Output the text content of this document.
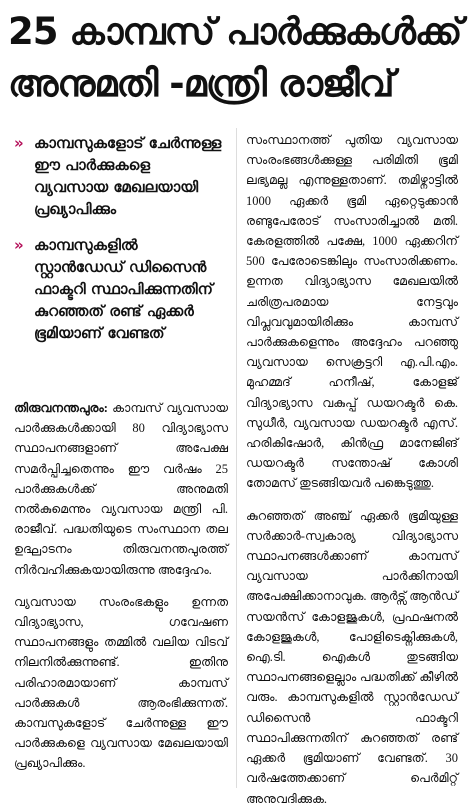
25 കാമ്പസ് പാർക്കുകൾക്ക്
അനുമതി -മന്ത്രി രാജീവ്
» കാമ്പസുകളോട് ചേർന്നുള്ള ഈ പാർക്കുകളെ വ്യവസായ മേഖലയായി പ്രഖ്യാപിക്കും
» കാമ്പസുകളിൽ സ്റ്റാൻഡേഡ് ഡിസൈൻ ഫാക്ടറി സ്ഥാപിക്കുന്നതിന് കുറഞ്ഞത് രണ്ട് ഏക്കർ ഭൂമിയാണ് വേണ്ടത്

തിരുവനന്തപുരം: കാമ്പസ് വ്യവസായ പാർക്കുകൾക്കായി 80 വിദ്യാഭ്യാസ സ്ഥാപനങ്ങളാണ് അപേക്ഷ സമർപ്പിച്ചതെന്നും ഈ വർഷം 25 പാർക്കുകൾക്ക് അനുമതി നൽകുമെന്നും വ്യവസായ മന്ത്രി പി. രാജീവ്. പദ്ധതിയുടെ സംസ്ഥാന തല ഉദ്ഘാടനം തിരുവനന്തപുരത്ത് നിർവഹിക്കുകയായിരുന്നു അദ്ദേഹം.

വ്യവസായ സംരംഭകളും ഉന്നത വിദ്യാഭ്യാസ, ഗവേഷണ സ്ഥാപനങ്ങളും തമ്മിൽ വലിയ വിടവ് നിലനിൽക്കുന്നുണ്ട്. ഇതിനു പരിഹാരമായാണ് കാമ്പസ് പാർക്കുകൾ ആരംഭിക്കുന്നത്. കാമ്പസുകളോട് ചേർന്നുള്ള ഈ പാർക്കുകളെ വ്യവസായ മേഖലയായി പ്രഖ്യാപിക്കും.

സംസ്ഥാനത്ത് പുതിയ വ്യവസായ സംരംഭങ്ങൾക്കുള്ള പരിമിതി ഭൂമി ലഭ്യമല്ല എന്നുള്ളതാണ്. തമിഴ്നാട്ടിൽ 1000 ഏക്കർ ഭൂമി ഏറ്റെടുക്കാൻ രണ്ടുപേരോട് സംസാരിച്ചാൽ മതി. കേരളത്തിൽ പക്ഷേ, 1000 ഏക്കറിന് 500 പേരോടെങ്കിലും സംസാരിക്കണം. ഉന്നത വിദ്യാഭ്യാസ മേഖലയിൽ ചരിത്രപരമായ നേട്ടവും വിപ്ലവവുമായിരിക്കും കാമ്പസ് പാർക്കുകളെന്നും അദ്ദേഹം പറഞ്ഞു വ്യവസായ സെക്രട്ടറി എ.പി.എം. മുഹമ്മദ് ഹനീഷ്, കോളജ് വിദ്യാഭ്യാസ വകുപ്പ് ഡയറക്ടർ കെ. സുധീർ, വ്യവസായ ഡയറക്ടർ എസ്. ഹരികിഷോർ, കിൻഫ്ര മാനേജിങ് ഡയറക്ടർ സന്തോഷ് കോശി തോമസ് തുടങ്ങിയവർ പങ്കെടുത്തു.

കുറഞ്ഞത് അഞ്ച് ഏക്കർ ഭൂമിയുള്ള സർക്കാർ-സ്വകാര്യ വിദ്യാഭ്യാസ സ്ഥാപനങ്ങൾക്കാണ് കാമ്പസ് വ്യവസായ പാർക്കിനായി അപേക്ഷിക്കാനാവുക. ആർട്സ് ആൻഡ് സയൻസ് കോളജുകൾ, പ്രഫഷനൽ കോളജുകൾ, പോളിടെക്നിക്കുകൾ, ഐ.ടി. ഐകൾ തുടങ്ങിയ സ്ഥാപനങ്ങളെല്ലാം പദ്ധതിക്ക് കീഴിൽ വരും. കാമ്പസുകളിൽ സ്റ്റാൻഡേഡ് ഡിസൈൻ ഫാക്ടറി സ്ഥാപിക്കുന്നതിന് കുറഞ്ഞത് രണ്ട് ഏക്കർ ഭൂമിയാണ് വേണ്ടത്. 30 വർഷത്തേക്കാണ് പെർമിറ്റ് അനുവദിക്കുക.
